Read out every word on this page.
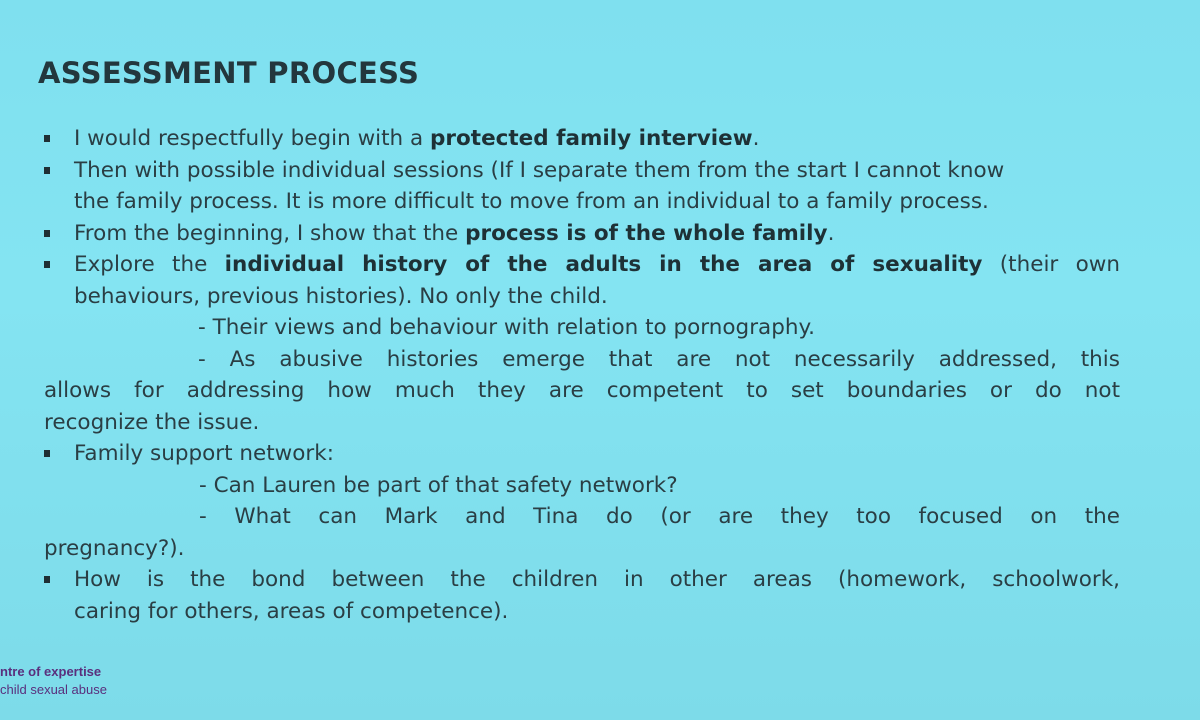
ASSESSMENT PROCESS
I would respectfully begin with a protected family interview.
Then with possible individual sessions (If I separate them from the start I cannot know
the family process. It is more difficult to move from an individual to a family process.
From the beginning, I show that the process is of the whole family.
Explore the individual history of the adults in the area of sexuality (their own
behaviours, previous histories). No only the child.
- Their views and behaviour with relation to pornography.
- As abusive histories emerge that are not necessarily addressed, this
allows for addressing how much they are competent to set boundaries or do not
recognize the issue.
Family support network:
- Can Lauren be part of that safety network?
- What can Mark and Tina do (or are they too focused on the
pregnancy?).
How is the bond between the children in other areas (homework, schoolwork,
caring for others, areas of competence).
ntre of expertise
child sexual abuse
